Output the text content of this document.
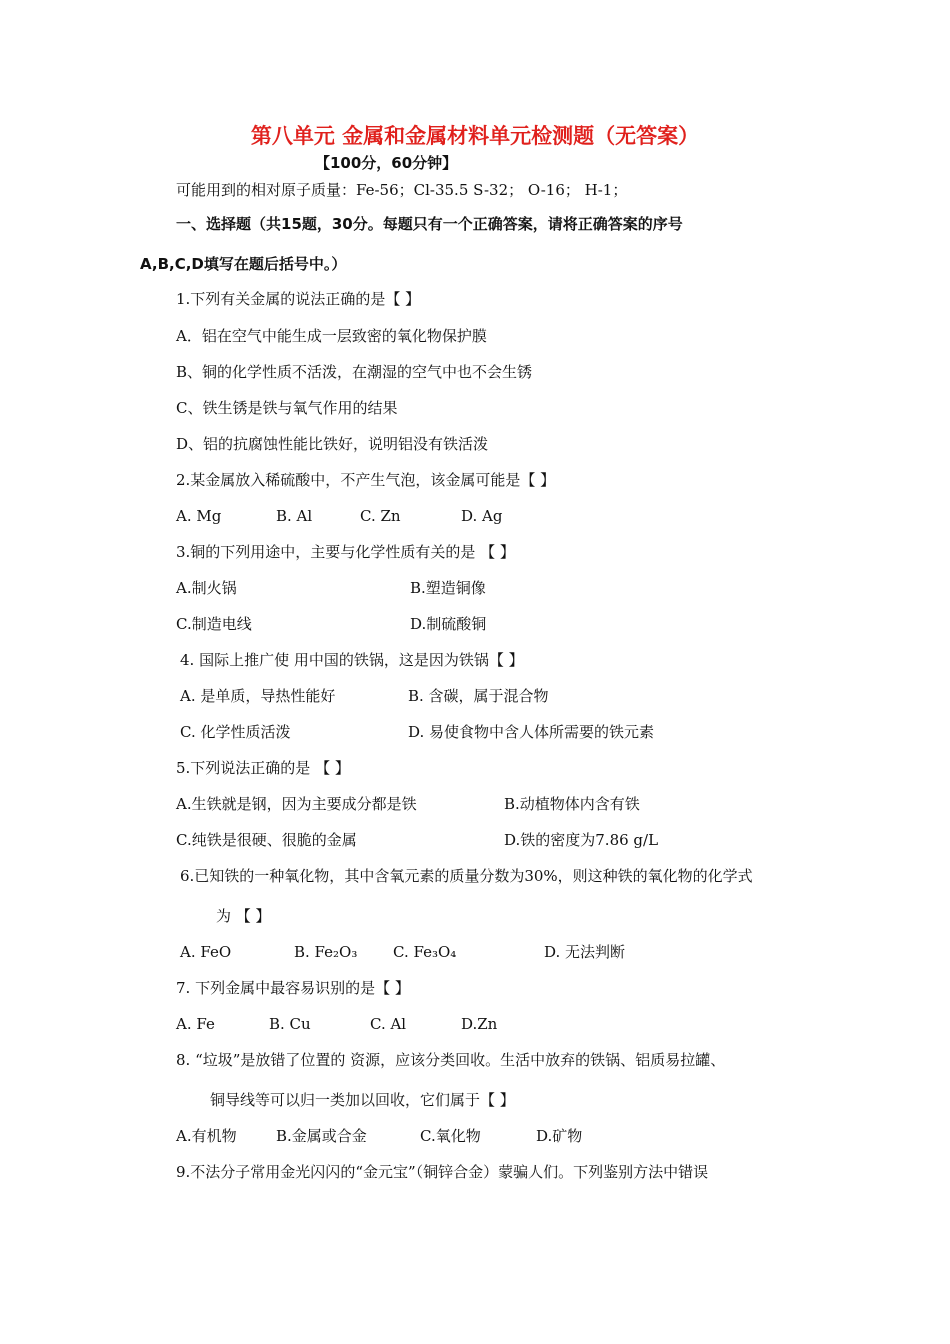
第八单元 金属和金属材料单元检测题（无答案）
【100分，60分钟】
可能用到的相对原子质量：Fe-56；Cl-35.5 S-32； O-16； H-1；
一、选择题（共15题，30分。每题只有一个正确答案，请将正确答案的序号
A,B,C,D填写在题后括号中。）
1.下列有关金属的说法正确的是【 】
A．铝在空气中能生成一层致密的氧化物保护膜
B、铜的化学性质不活泼，在潮湿的空气中也不会生锈
C、铁生锈是铁与氧气作用的结果
D、铝的抗腐蚀性能比铁好，说明铝没有铁活泼
2.某金属放入稀硫酸中，不产生气泡，该金属可能是【 】
A. Mg	B. Al	C. Zn	D. Ag
3.铜的下列用途中，主要与化学性质有关的是 【 】
A.制火锅	B.塑造铜像
C.制造电线	D.制硫酸铜
4. 国际上推广使 用中国的铁锅，这是因为铁锅【 】
A. 是单质，导热性能好	B. 含碳，属于混合物
C. 化学性质活泼	D. 易使食物中含人体所需要的铁元素
5.下列说法正确的是 【 】
A.生铁就是钢，因为主要成分都是铁	B.动植物体内含有铁
C.纯铁是很硬、很脆的金属	D.铁的密度为7.86 g/L
6.已知铁的一种氧化物，其中含氧元素的质量分数为30%，则这种铁的氧化物的化学式
为 【 】
A. FeO	B. Fe₂O₃ C. Fe₃O₄	D. 无法判断
7. 下列金属中最容易识别的是【 】
A. Fe	B. Cu	C. Al	D.Zn
8. “垃圾”是放错了位置的 资源，应该分类回收。生活中放弃的铁锅、铝质易拉罐、
铜导线等可以归一类加以回收，它们属于【 】
A.有机物	B.金属或合金	C.氧化物	D.矿物
9.不法分子常用金光闪闪的“金元宝”（铜锌合金）蒙骗人们。下列鉴别方法中错误
